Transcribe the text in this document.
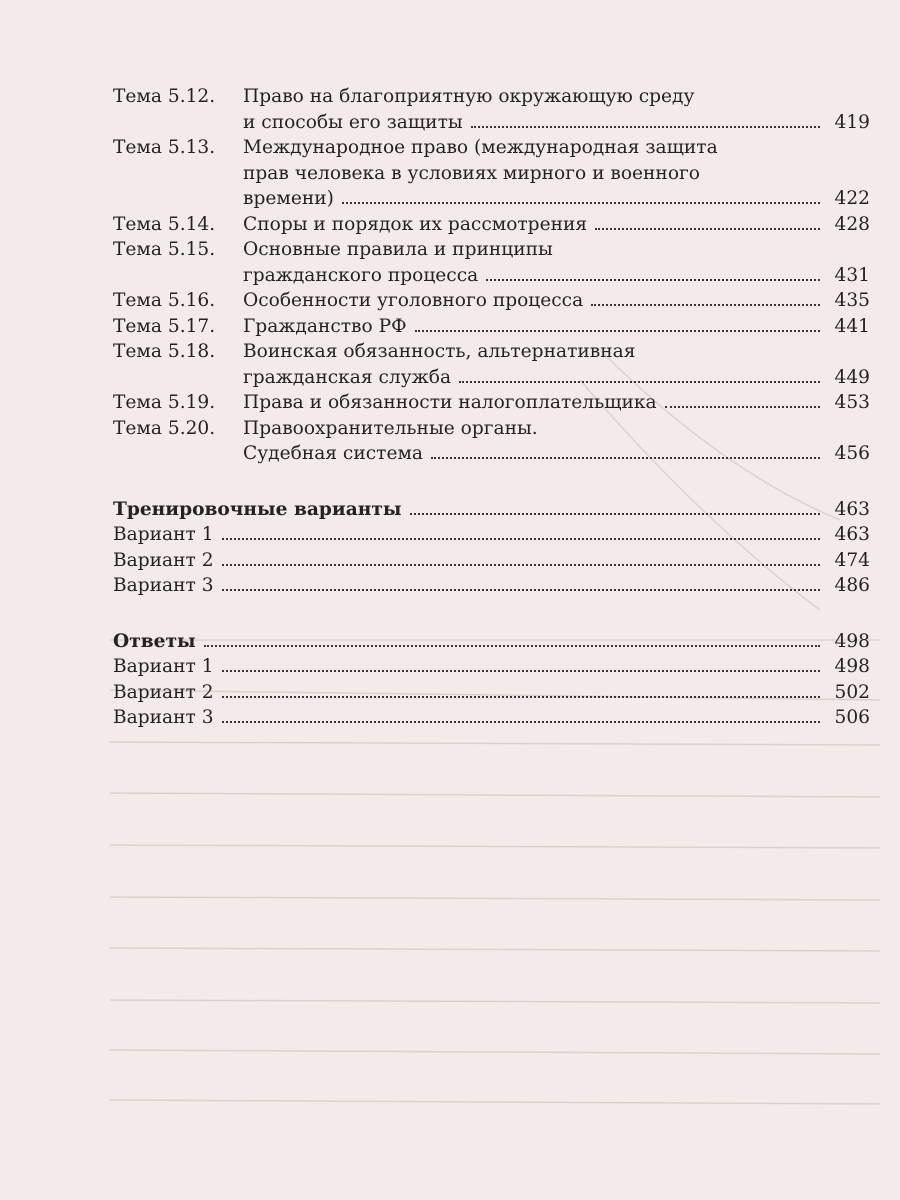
Тема 5.12.	Право на благоприятную окружающую среду
и способы его защиты	419
Тема 5.13.	Международное право (международная защита
прав человека в условиях мирного и военного
времени)	422
Тема 5.14.	Споры и порядок их рассмотрения	428
Тема 5.15.	Основные правила и принципы
гражданского процесса	431
Тема 5.16.	Особенности уголовного процесса	435
Тема 5.17.	Гражданство РФ	441
Тема 5.18.	Воинская обязанность, альтернативная
гражданская служба	449
Тема 5.19.	Права и обязанности налогоплательщика	453
Тема 5.20.	Правоохранительные органы.
Судебная система	456
Тренировочные варианты	463
Вариант 1	463
Вариант 2	474
Вариант 3	486
Ответы	498
Вариант 1	498
Вариант 2	502
Вариант 3	506
